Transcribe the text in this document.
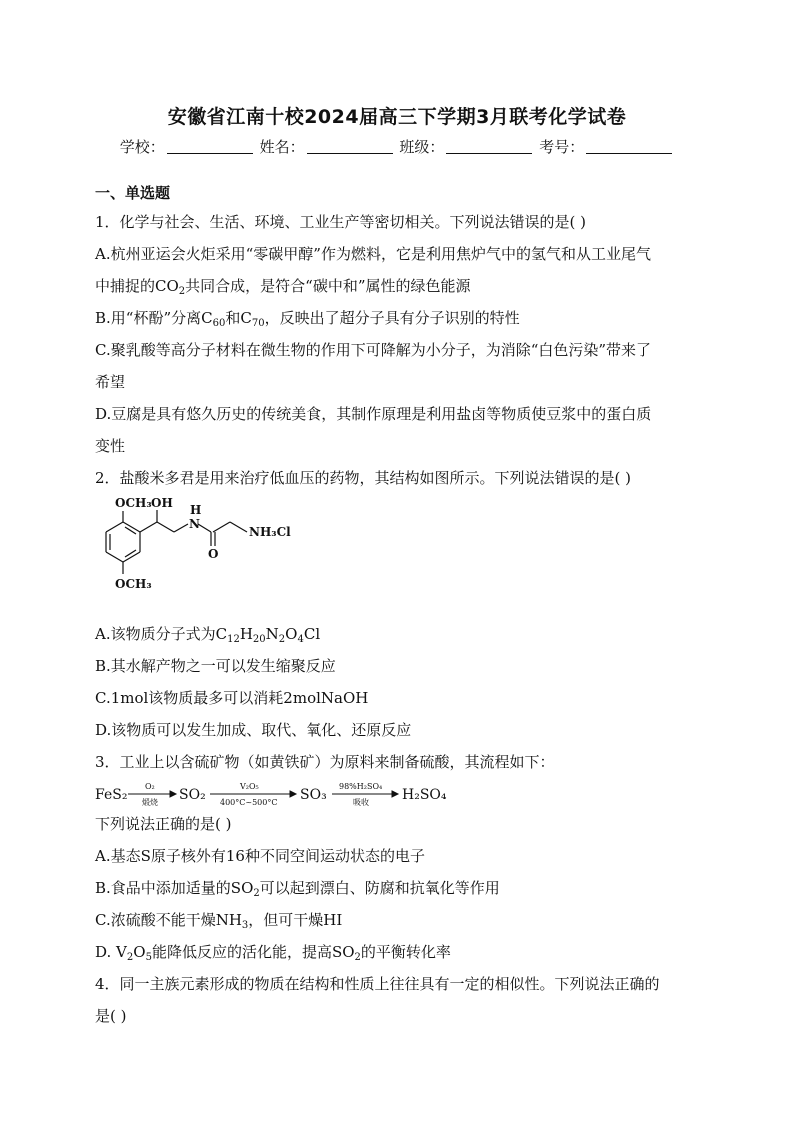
安徽省江南十校2024届高三下学期3月联考化学试卷
学校：	姓名：	班级：	考号：
一、单选题
1．化学与社会、生活、环境、工业生产等密切相关。下列说法错误的是( )
A.杭州亚运会火炬采用“零碳甲醇”作为燃料，它是利用焦炉气中的氢气和从工业尾气
中捕捉的$CO_2$共同合成，是符合“碳中和”属性的绿色能源
B.用“杯酚”分离$C_{60}$和$C_{70}$，反映出了超分子具有分子识别的特性
C.聚乳酸等高分子材料在微生物的作用下可降解为小分子，为消除“白色污染”带来了
希望
D.豆腐是具有悠久历史的传统美食，其制作原理是利用盐卤等物质使豆浆中的蛋白质
变性
2．盐酸米多君是用来治疗低血压的药物，其结构如图所示。下列说法错误的是( )
OCH₃ OH
N
H
O
NH₃Cl
OCH₃
A.该物质分子式为$C_{12}H_{20}N_2O_4Cl$
B.其水解产物之一可以发生缩聚反应
C.1mol该物质最多可以消耗2molNaOH
D.该物质可以发生加成、取代、氧化、还原反应
3．工业上以含硫矿物（如黄铁矿）为原料来制备硫酸，其流程如下：
FeS₂
O₂
煅烧 SO₂
V₂O₅
400°C~500°C SO₃
98%H₂SO₄
吸收 H₂SO₄
下列说法正确的是( )
A.基态S原子核外有16种不同空间运动状态的电子
B.食品中添加适量的$SO_2$可以起到漂白、防腐和抗氧化等作用
C.浓硫酸不能干燥$NH_3$，但可干燥HI
D. $V_2O_5$能降低反应的活化能，提高$SO_2$的平衡转化率
4．同一主族元素形成的物质在结构和性质上往往具有一定的相似性。下列说法正确的
是( )
